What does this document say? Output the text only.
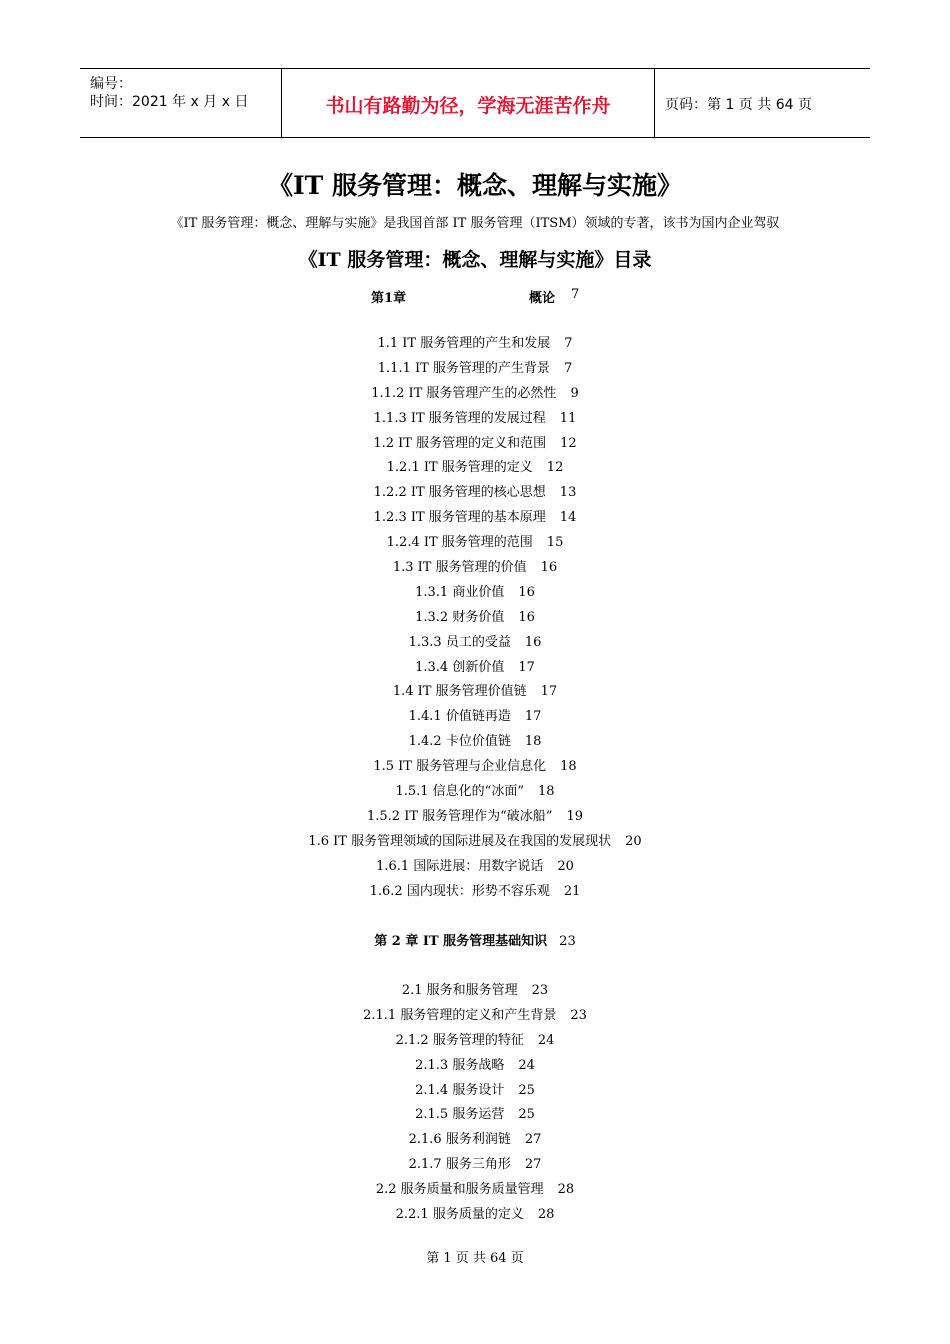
编号：
时间：2021 年 x 月 x 日	书山有路勤为径，学海无涯苦作舟	页码：第 1 页 共 64 页
《IT 服务管理：概念、理解与实施》
《IT 服务管理：概念、理解与实施》是我国首部 IT 服务管理（ITSM）领域的专著，该书为国内企业驾驭
《IT 服务管理：概念、理解与实施》目录
第1章	概论 7
1.1 IT 服务管理的产生和发展 7
1.1.1 IT 服务管理的产生背景 7
1.1.2 IT 服务管理产生的必然性 9
1.1.3 IT 服务管理的发展过程 11
1.2 IT 服务管理的定义和范围 12
1.2.1 IT 服务管理的定义 12
1.2.2 IT 服务管理的核心思想 13
1.2.3 IT 服务管理的基本原理 14
1.2.4 IT 服务管理的范围 15
1.3 IT 服务管理的价值 16
1.3.1 商业价值 16
1.3.2 财务价值 16
1.3.3 员工的受益 16
1.3.4 创新价值 17
1.4 IT 服务管理价值链 17
1.4.1 价值链再造 17
1.4.2 卡位价值链 18
1.5 IT 服务管理与企业信息化 18
1.5.1 信息化的“冰面” 18
1.5.2 IT 服务管理作为“破冰船” 19
1.6 IT 服务管理领域的国际进展及在我国的发展现状 20
1.6.1 国际进展：用数字说话 20
1.6.2 国内现状：形势不容乐观 21
第 2 章 IT 服务管理基础知识 23
2.1 服务和服务管理 23
2.1.1 服务管理的定义和产生背景 23
2.1.2 服务管理的特征 24
2.1.3 服务战略 24
2.1.4 服务设计 25
2.1.5 服务运营 25
2.1.6 服务利润链 27
2.1.7 服务三角形 27
2.2 服务质量和服务质量管理 28
2.2.1 服务质量的定义 28
第 1 页 共 64 页
